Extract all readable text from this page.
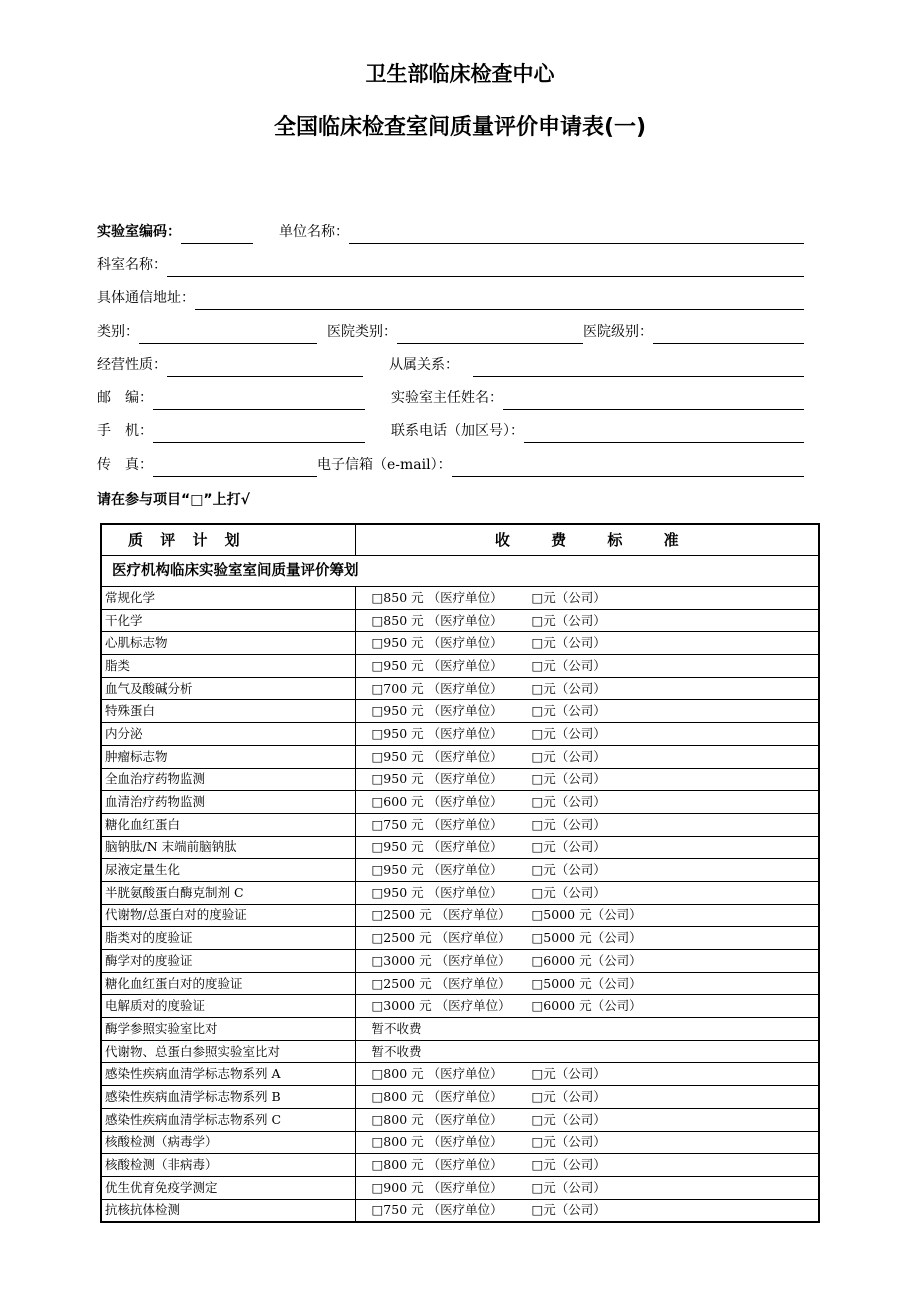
卫生部临床检查中心
全国临床检查室间质量评价申请表(一)
实验室编码：	单位名称：
科室名称：
具体通信地址：
类别：	医院类别：	医院级别：
经营性质：	从属关系：
邮　编：	实验室主任姓名：
手　机：	联系电话（加区号）：
传　真：	电子信箱（e-mail）：
请在参与项目“□”上打√
质 评 计 划	收 费 标 准
医疗机构临床实验室室间质量评价筹划	
常规化学	□850 元 （医疗单位） □元（公司）
干化学	□850 元 （医疗单位） □元（公司）
心肌标志物	□950 元 （医疗单位） □元（公司）
脂类	□950 元 （医疗单位） □元（公司）
血气及酸碱分析	□700 元 （医疗单位） □元（公司）
特殊蛋白	□950 元 （医疗单位） □元（公司）
内分泌	□950 元 （医疗单位） □元（公司）
肿瘤标志物	□950 元 （医疗单位） □元（公司）
全血治疗药物监测	□950 元 （医疗单位） □元（公司）
血清治疗药物监测	□600 元 （医疗单位） □元（公司）
糖化血红蛋白	□750 元 （医疗单位） □元（公司）
脑钠肽/N 末端前脑钠肽	□950 元 （医疗单位） □元（公司）
尿液定量生化	□950 元 （医疗单位） □元（公司）
半胱氨酸蛋白酶克制剂 C	□950 元 （医疗单位） □元（公司）
代谢物/总蛋白对的度验证	□2500 元 （医疗单位） □5000 元（公司）
脂类对的度验证	□2500 元 （医疗单位） □5000 元（公司）
酶学对的度验证	□3000 元 （医疗单位） □6000 元（公司）
糖化血红蛋白对的度验证	□2500 元 （医疗单位） □5000 元（公司）
电解质对的度验证	□3000 元 （医疗单位） □6000 元（公司）
酶学参照实验室比对	暂不收费
代谢物、总蛋白参照实验室比对	暂不收费
感染性疾病血清学标志物系列 A	□800 元 （医疗单位） □元（公司）
感染性疾病血清学标志物系列 B	□800 元 （医疗单位） □元（公司）
感染性疾病血清学标志物系列 C	□800 元 （医疗单位） □元（公司）
核酸检测（病毒学）	□800 元 （医疗单位） □元（公司）
核酸检测（非病毒）	□800 元 （医疗单位） □元（公司）
优生优育免疫学测定	□900 元 （医疗单位） □元（公司）
抗核抗体检测	□750 元 （医疗单位） □元（公司）
